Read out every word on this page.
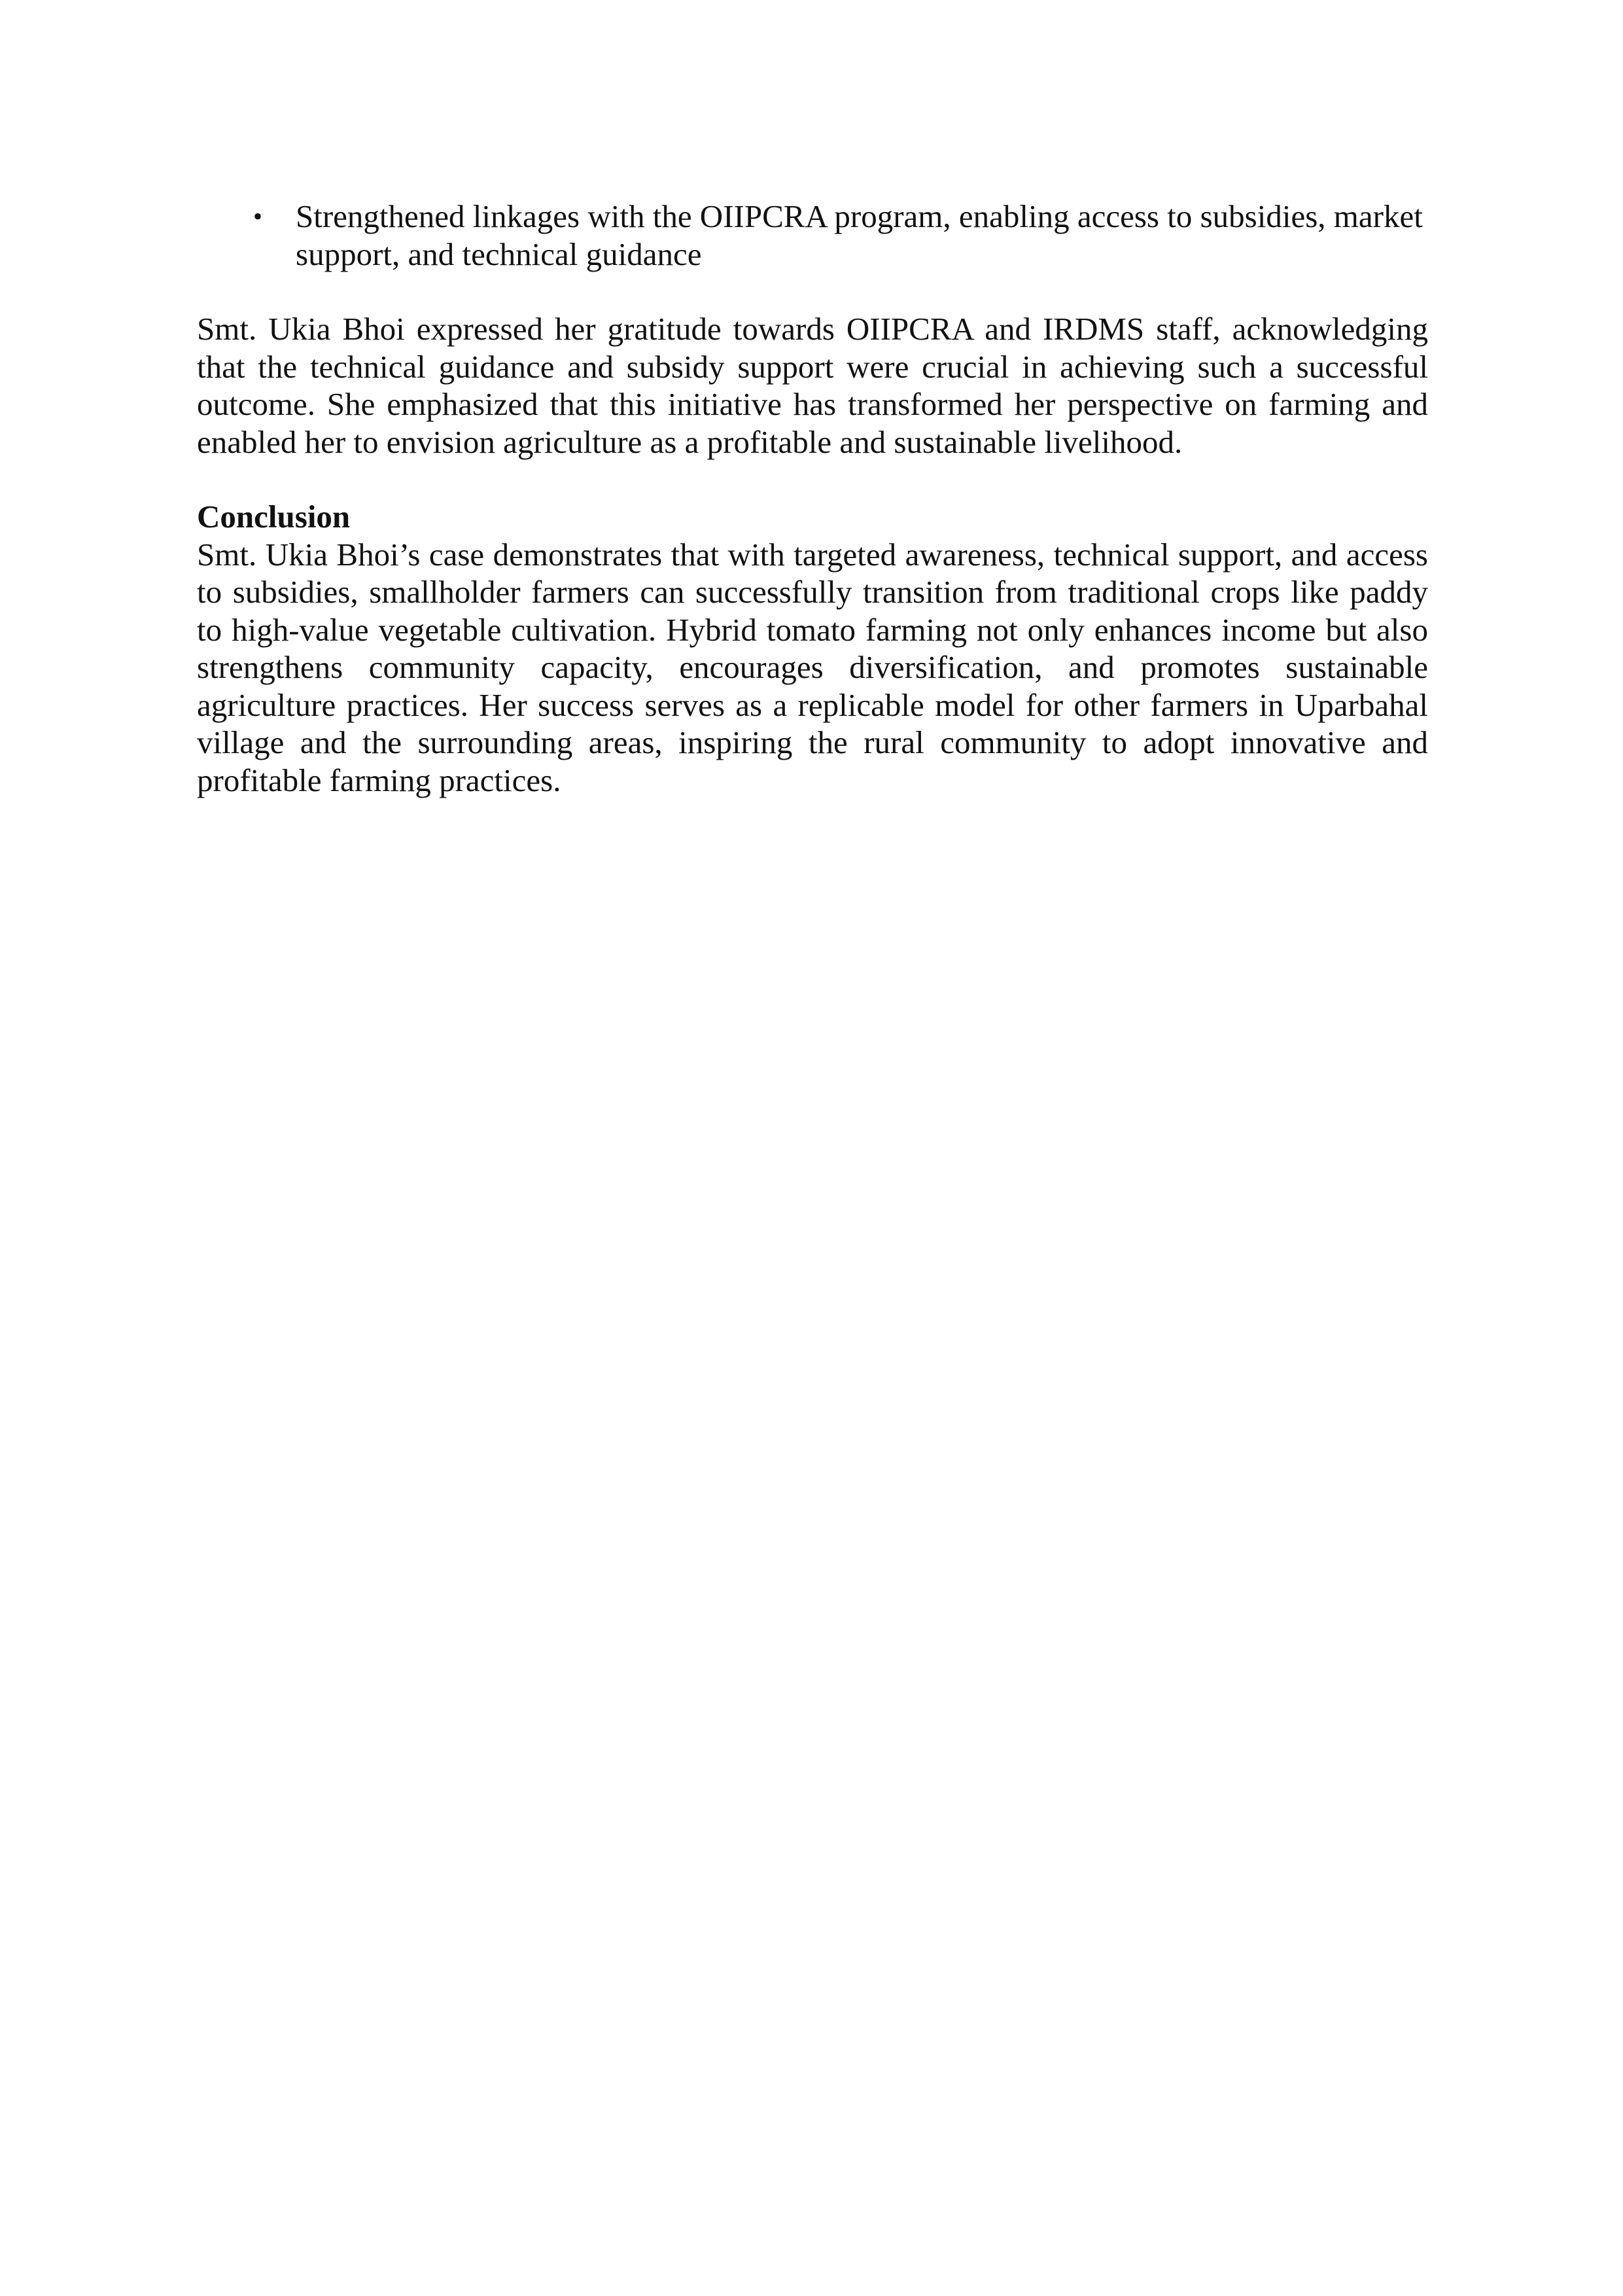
• Strengthened linkages with the OIIPCRA program, enabling access to subsidies, market support, and technical guidance

Smt. Ukia Bhoi expressed her gratitude towards OIIPCRA and IRDMS staff, acknowledging that the technical guidance and subsidy support were crucial in achieving such a successful outcome. She emphasized that this initiative has transformed her perspective on farming and enabled her to envision agriculture as a profitable and sustainable livelihood.

Conclusion

Smt. Ukia Bhoi’s case demonstrates that with targeted awareness, technical support, and access to subsidies, smallholder farmers can successfully transition from traditional crops like paddy to high-value vegetable cultivation. Hybrid tomato farming not only enhances income but also strengthens community capacity, encourages diversification, and promotes sustainable agriculture practices. Her success serves as a replicable model for other farmers in Uparbahal village and the surrounding areas, inspiring the rural community to adopt innovative and profitable farming practices.
